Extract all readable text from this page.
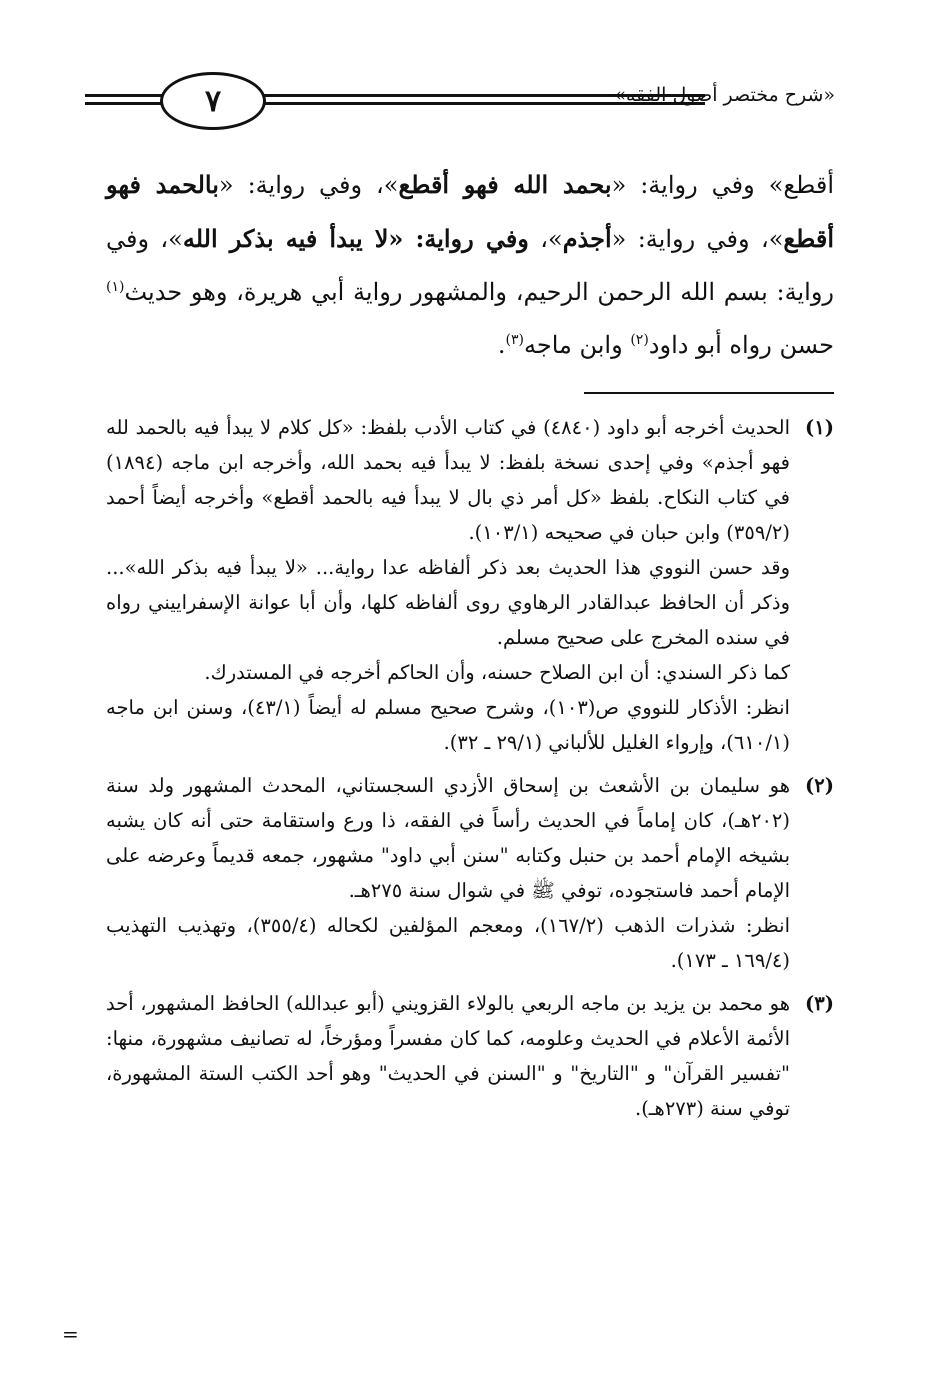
٧	«شرح مختصر أصول الفقه»

أقطع» وفي رواية: «بحمد الله فهو أقطع»، وفي رواية: «بالحمد فهو أقطع»، وفي رواية: «أجذم»، وفي رواية: «لا يبدأ فيه بذكر الله»، وفي رواية: بسم الله الرحمن الرحيم، والمشهور رواية أبي هريرة، وهو حديث$^{(١)}$ حسن رواه أبو داود$^{(٢)}$ وابن ماجه$^{(٣)}$.

(١)

الحديث أخرجه أبو داود (٤٨٤٠) في كتاب الأدب بلفظ: «كل كلام لا يبدأ فيه بالحمد لله فهو أجذم» وفي إحدى نسخة بلفظ: لا يبدأ فيه بحمد الله، وأخرجه ابن ماجه (١٨٩٤) في كتاب النكاح. بلفظ «كل أمر ذي بال لا يبدأ فيه بالحمد أقطع» وأخرجه أيضاً أحمد (٣٥٩/٢) وابن حبان في صحيحه (١٠٣/١).

وقد حسن النووي هذا الحديث بعد ذكر ألفاظه عدا رواية... «لا يبدأ فيه بذكر الله»... وذكر أن الحافظ عبدالقادر الرهاوي روى ألفاظه كلها، وأن أبا عوانة الإسفراييني رواه في سنده المخرج على صحيح مسلم.

كما ذكر السندي: أن ابن الصلاح حسنه، وأن الحاكم أخرجه في المستدرك.

انظر: الأذكار للنووي ص(١٠٣)، وشرح صحيح مسلم له أيضاً (٤٣/١)، وسنن ابن ماجه (٦١٠/١)، وإرواء الغليل للألباني (٢٩/١ ـ ٣٢).

(٢)

هو سليمان بن الأشعث بن إسحاق الأزدي السجستاني، المحدث المشهور ولد سنة (٢٠٢هـ)، كان إماماً في الحديث رأساً في الفقه، ذا ورع واستقامة حتى أنه كان يشبه بشيخه الإمام أحمد بن حنبل وكتابه "سنن أبي داود" مشهور، جمعه قديماً وعرضه على الإمام أحمد فاستجوده، توفي ﷺ في شوال سنة ٢٧٥هـ.

انظر: شذرات الذهب (١٦٧/٢)، ومعجم المؤلفين لكحاله (٣٥٥/٤)، وتهذيب التهذيب (١٦٩/٤ ـ ١٧٣).

(٣)

هو محمد بن يزيد بن ماجه الربعي بالولاء القزويني (أبو عبدالله) الحافظ المشهور، أحد الأئمة الأعلام في الحديث وعلومه، كما كان مفسراً ومؤرخاً، له تصانيف مشهورة، منها: "تفسير القرآن" و "التاريخ" و "السنن في الحديث" وهو أحد الكتب الستة المشهورة، توفي سنة (٢٧٣هـ).

=
